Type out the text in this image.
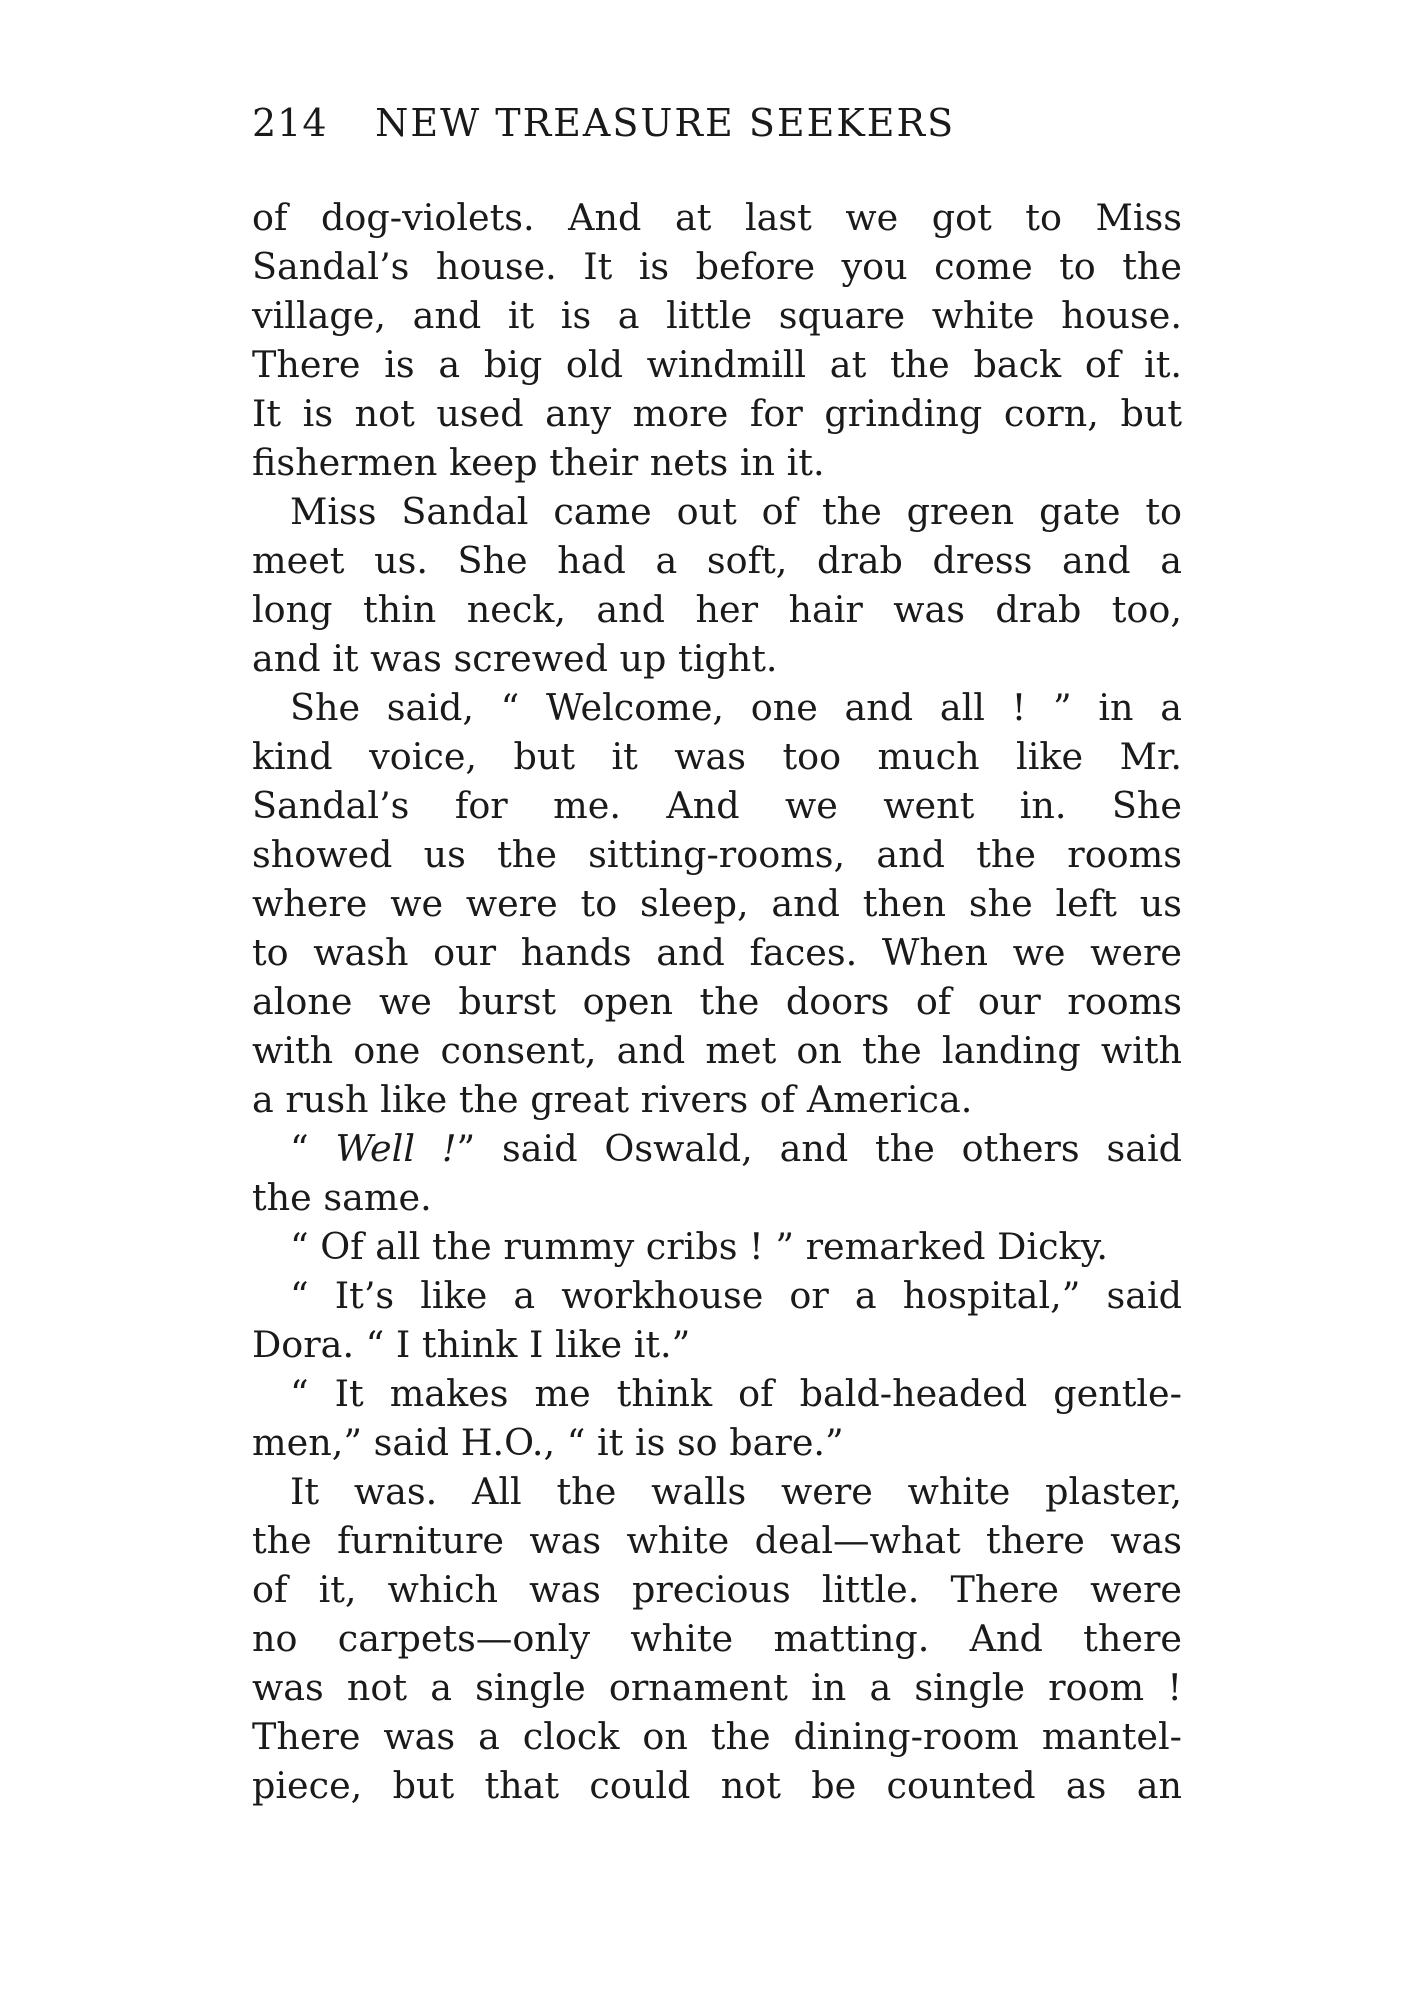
214 NEW TREASURE SEEKERS
of dog-violets. And at last we got to Miss
Sandal’s house. It is before you come to the
village, and it is a little square white house.
There is a big old windmill at the back of it.
It is not used any more for grinding corn, but
fishermen keep their nets in it.
Miss Sandal came out of the green gate to
meet us. She had a soft, drab dress and a
long thin neck, and her hair was drab too,
and it was screwed up tight.
She said, “ Welcome, one and all ! ” in a
kind voice, but it was too much like Mr.
Sandal’s for me. And we went in. She
showed us the sitting-rooms, and the rooms
where we were to sleep, and then she left us
to wash our hands and faces. When we were
alone we burst open the doors of our rooms
with one consent, and met on the landing with
a rush like the great rivers of America.
“ Well !” said Oswald, and the others said
the same.
“ Of all the rummy cribs ! ” remarked Dicky.
“ It’s like a workhouse or a hospital,” said
Dora. “ I think I like it.”
“ It makes me think of bald-headed gentle-
men,” said H.O., “ it is so bare.”
It was. All the walls were white plaster,
the furniture was white deal—what there was
of it, which was precious little. There were
no carpets—only white matting. And there
was not a single ornament in a single room !
There was a clock on the dining-room mantel-
piece, but that could not be counted as an
